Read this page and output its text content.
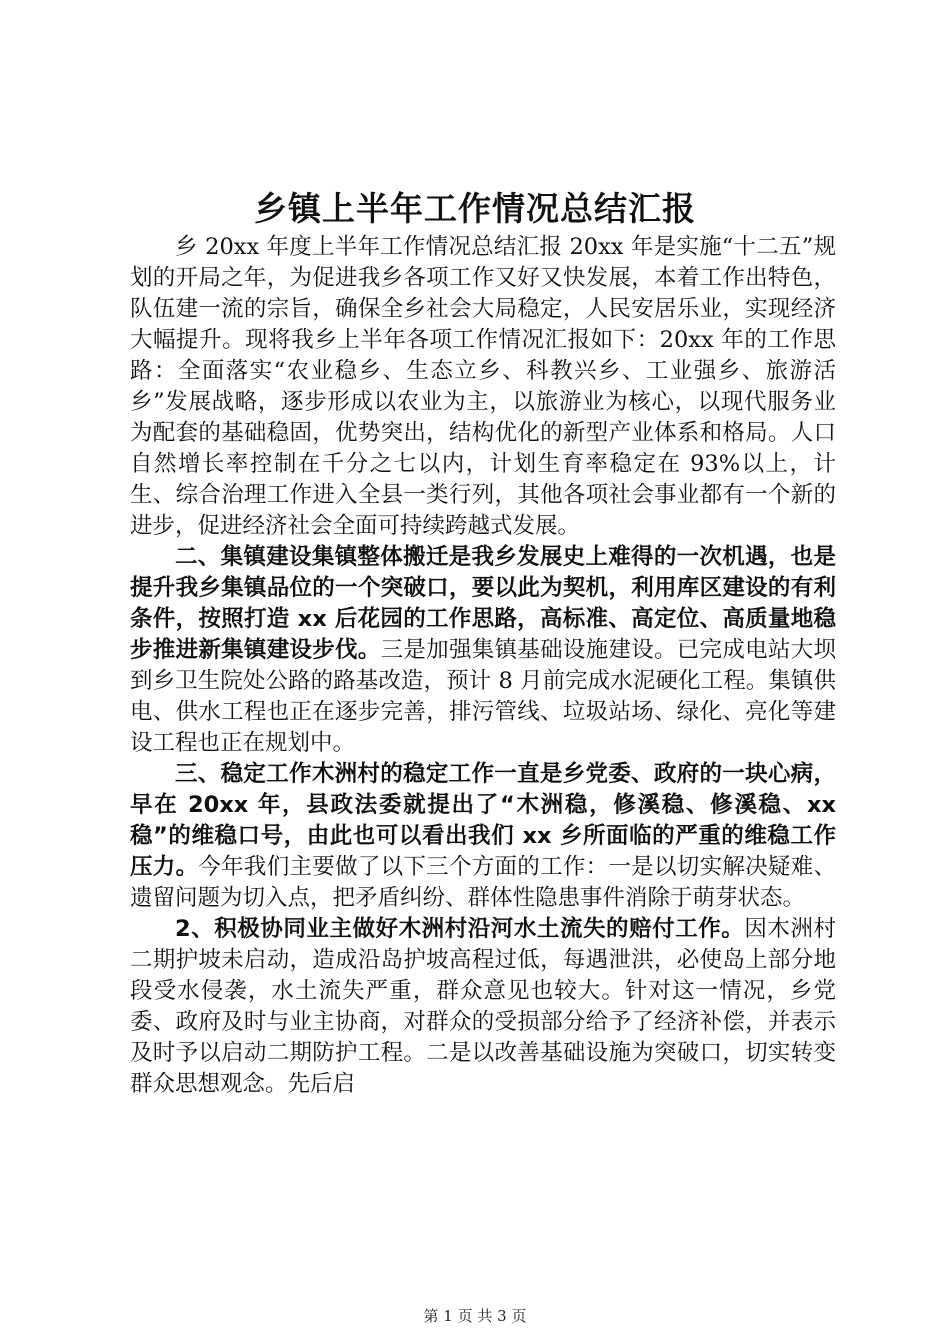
乡镇上半年工作情况总结汇报

乡 20xx 年度上半年工作情况总结汇报 20xx 年是实施“十二五”规划的开局之年，为促进我乡各项工作又好又快发展，本着工作出特色，队伍建一流的宗旨，确保全乡社会大局稳定，人民安居乐业，实现经济大幅提升。现将我乡上半年各项工作情况汇报如下：20xx 年的工作思路：全面落实“农业稳乡、生态立乡、科教兴乡、工业强乡、旅游活乡”发展战略，逐步形成以农业为主，以旅游业为核心，以现代服务业为配套的基础稳固，优势突出，结构优化的新型产业体系和格局。人口自然增长率控制在千分之七以内，计划生育率稳定在 93%以上，计生、综合治理工作进入全县一类行列，其他各项社会事业都有一个新的进步，促进经济社会全面可持续跨越式发展。

二、集镇建设集镇整体搬迁是我乡发展史上难得的一次机遇，也是提升我乡集镇品位的一个突破口，要以此为契机，利用库区建设的有利条件，按照打造 xx 后花园的工作思路，高标准、高定位、高质量地稳步推进新集镇建设步伐。三是加强集镇基础设施建设。已完成电站大坝到乡卫生院处公路的路基改造，预计 8 月前完成水泥硬化工程。集镇供电、供水工程也正在逐步完善，排污管线、垃圾站场、绿化、亮化等建设工程也正在规划中。

三、稳定工作木洲村的稳定工作一直是乡党委、政府的一块心病，早在 20xx 年，县政法委就提出了“木洲稳，修溪稳、修溪稳、xx 稳”的维稳口号，由此也可以看出我们 xx 乡所面临的严重的维稳工作压力。今年我们主要做了以下三个方面的工作：一是以切实解决疑难、遗留问题为切入点，把矛盾纠纷、群体性隐患事件消除于萌芽状态。

2、积极协同业主做好木洲村沿河水土流失的赔付工作。因木洲村二期护坡未启动，造成沿岛护坡高程过低，每遇泄洪，必使岛上部分地段受水侵袭，水土流失严重，群众意见也较大。针对这一情况，乡党委、政府及时与业主协商，对群众的受损部分给予了经济补偿，并表示及时予以启动二期防护工程。二是以改善基础设施为突破口，切实转变群众思想观念。先后启

第 1 页 共 3 页
